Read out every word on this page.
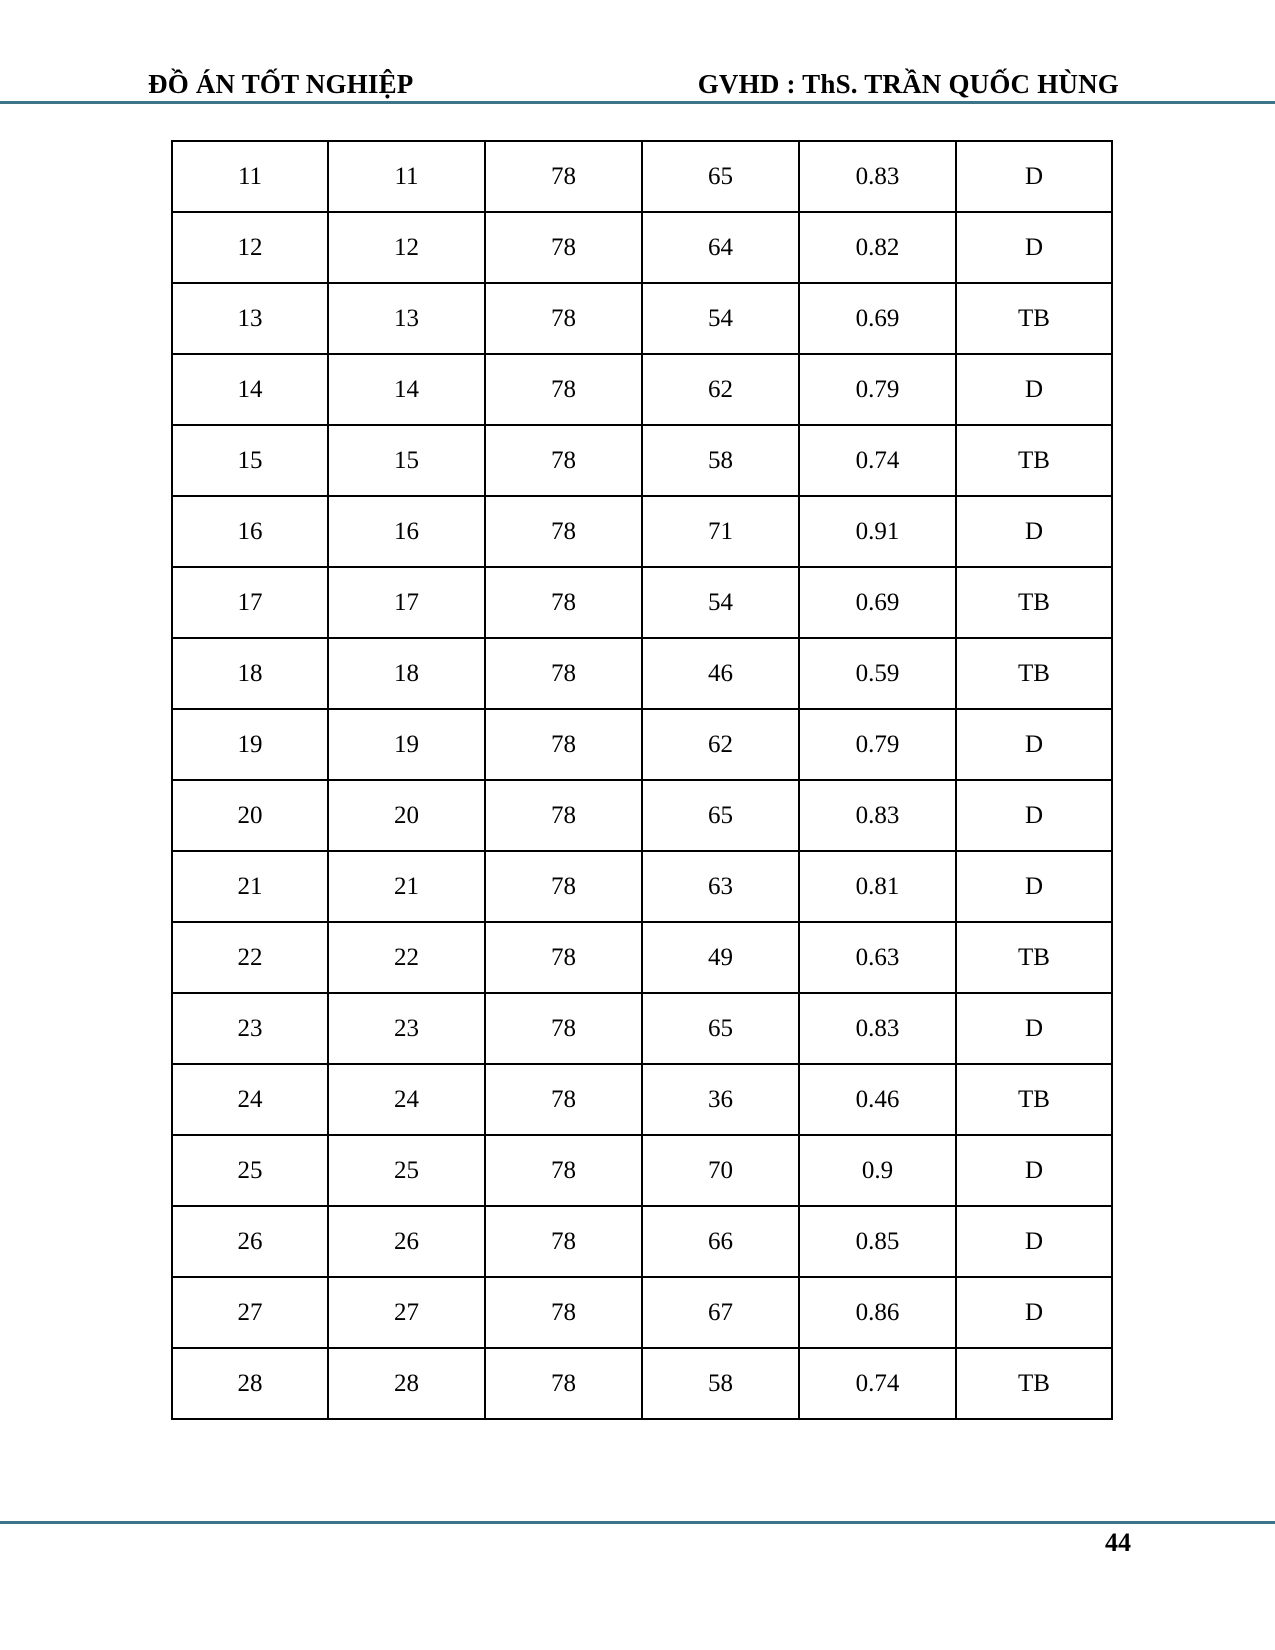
ĐỒ ÁN TỐT NGHIỆP	GVHD : ThS. TRẦN QUỐC HÙNG
11	11	78	65	0.83	D

12	12	78	64	0.82	D

13	13	78	54	0.69	TB

14	14	78	62	0.79	D

15	15	78	58	0.74	TB

16	16	78	71	0.91	D

17	17	78	54	0.69	TB

18	18	78	46	0.59	TB

19	19	78	62	0.79	D

20	20	78	65	0.83	D

21	21	78	63	0.81	D

22	22	78	49	0.63	TB

23	23	78	65	0.83	D

24	24	78	36	0.46	TB

25	25	78	70	0.9	D

26	26	78	66	0.85	D

27	27	78	67	0.86	D

28	28	78	58	0.74	TB
44
